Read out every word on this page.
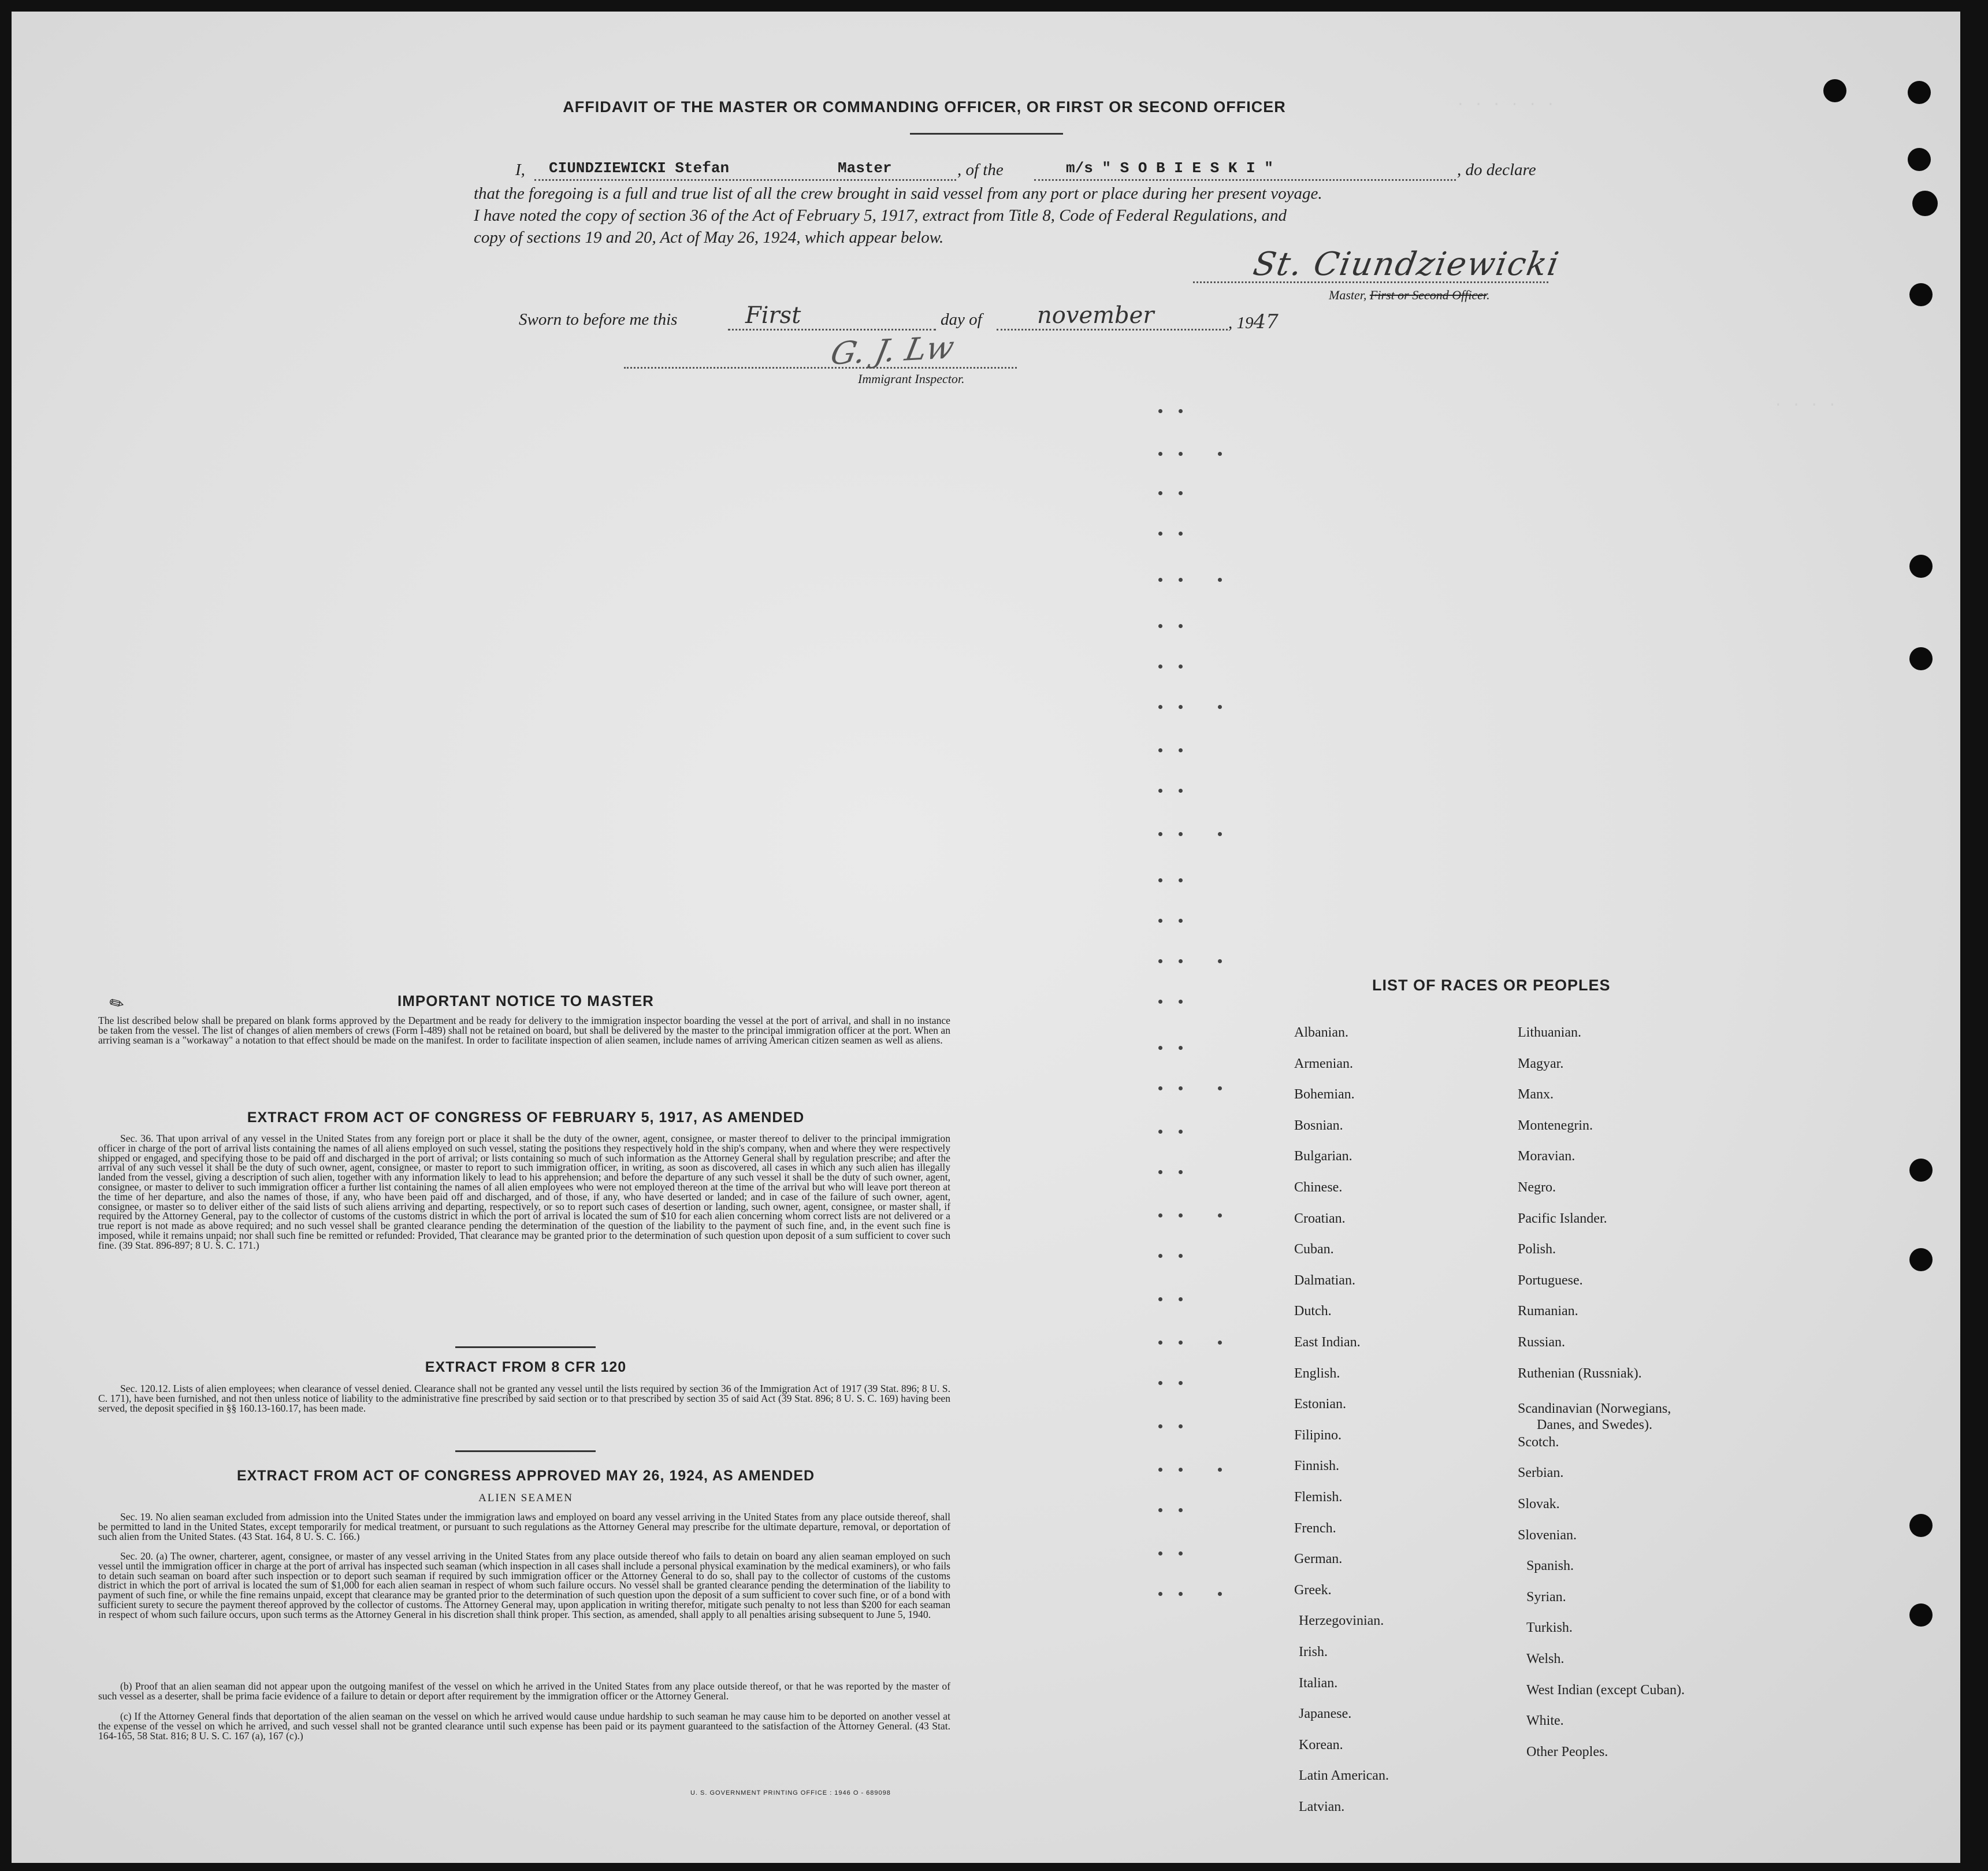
. . . . . .
. . . .
AFFIDAVIT OF THE MASTER OR COMMANDING OFFICER, OR FIRST OR SECOND OFFICER
I, CIUNDZIEWICKI Stefan	Master	, of the	m/s " S O B I E S K I "	, do declare
that the foregoing is a full and true list of all the crew brought in said vessel from any port or place during her present voyage.
I have noted the copy of section 36 of the Act of February 5, 1917, extract from Title 8, Code of Federal Regulations, and
copy of sections 19 and 20, Act of May 26, 1924, which appear below.
St. Ciundziewicki
Master, First or Second Officer.
Sworn to before me this	First	day of november	, 1947
G. J. Lw
Immigrant Inspector.
✎	IMPORTANT NOTICE TO MASTER
The list described below shall be prepared on blank forms approved by the Department and be ready for delivery to the immigration inspector boarding the vessel at the port of arrival, and shall in no instance be taken from the vessel. The list of changes of alien members of crews (Form I-489) shall not be retained on board, but shall be delivered by the master to the principal immigration officer at the port. When an arriving seaman is a "workaway" a notation to that effect should be made on the manifest. In order to facilitate inspection of alien seamen, include names of arriving American citizen seamen as well as aliens.
EXTRACT FROM ACT OF CONGRESS OF FEBRUARY 5, 1917, AS AMENDED
Sec. 36. That upon arrival of any vessel in the United States from any foreign port or place it shall be the duty of the owner, agent, consignee, or master thereof to deliver to the principal immigration officer in charge of the port of arrival lists containing the names of all aliens employed on such vessel, stating the positions they respectively hold in the ship's company, when and where they were respectively shipped or engaged, and specifying those to be paid off and discharged in the port of arrival; or lists containing so much of such information as the Attorney General shall by regulation prescribe; and after the arrival of any such vessel it shall be the duty of such owner, agent, consignee, or master to report to such immigration officer, in writing, as soon as discovered, all cases in which any such alien has illegally landed from the vessel, giving a description of such alien, together with any information likely to lead to his apprehension; and before the departure of any such vessel it shall be the duty of such owner, agent, consignee, or master to deliver to such immigration officer a further list containing the names of all alien employees who were not employed thereon at the time of the arrival but who will leave port thereon at the time of her departure, and also the names of those, if any, who have been paid off and discharged, and of those, if any, who have deserted or landed; and in case of the failure of such owner, agent, consignee, or master so to deliver either of the said lists of such aliens arriving and departing, respectively, or so to report such cases of desertion or landing, such owner, agent, consignee, or master shall, if required by the Attorney General, pay to the collector of customs of the customs district in which the port of arrival is located the sum of $10 for each alien concerning whom correct lists are not delivered or a true report is not made as above required; and no such vessel shall be granted clearance pending the determination of the question of the liability to the payment of such fine, and, in the event such fine is imposed, while it remains unpaid; nor shall such fine be remitted or refunded: Provided, That clearance may be granted prior to the determination of such question upon deposit of a sum sufficient to cover such fine. (39 Stat. 896-897; 8 U. S. C. 171.)
EXTRACT FROM 8 CFR 120
Sec. 120.12. Lists of alien employees; when clearance of vessel denied. Clearance shall not be granted any vessel until the lists required by section 36 of the Immigration Act of 1917 (39 Stat. 896; 8 U. S. C. 171), have been furnished, and not then unless notice of liability to the administrative fine prescribed by said section or to that prescribed by section 35 of said Act (39 Stat. 896; 8 U. S. C. 169) having been served, the deposit specified in §§ 160.13-160.17, has been made.
EXTRACT FROM ACT OF CONGRESS APPROVED MAY 26, 1924, AS AMENDED
ALIEN SEAMEN
Sec. 19. No alien seaman excluded from admission into the United States under the immigration laws and employed on board any vessel arriving in the United States from any place outside thereof, shall be permitted to land in the United States, except temporarily for medical treatment, or pursuant to such regulations as the Attorney General may prescribe for the ultimate departure, removal, or deportation of such alien from the United States. (43 Stat. 164, 8 U. S. C. 166.)
Sec. 20. (a) The owner, charterer, agent, consignee, or master of any vessel arriving in the United States from any place outside thereof who fails to detain on board any alien seaman employed on such vessel until the immigration officer in charge at the port of arrival has inspected such seaman (which inspection in all cases shall include a personal physical examination by the medical examiners), or who fails to detain such seaman on board after such inspection or to deport such seaman if required by such immigration officer or the Attorney General to do so, shall pay to the collector of customs of the customs district in which the port of arrival is located the sum of $1,000 for each alien seaman in respect of whom such failure occurs. No vessel shall be granted clearance pending the determination of the liability to payment of such fine, or while the fine remains unpaid, except that clearance may be granted prior to the determination of such question upon the deposit of a sum sufficient to cover such fine, or of a bond with sufficient surety to secure the payment thereof approved by the collector of customs. The Attorney General may, upon application in writing therefor, mitigate such penalty to not less than $200 for each seaman in respect of whom such failure occurs, upon such terms as the Attorney General in his discretion shall think proper. This section, as amended, shall apply to all penalties arising subsequent to June 5, 1940.
(b) Proof that an alien seaman did not appear upon the outgoing manifest of the vessel on which he arrived in the United States from any place outside thereof, or that he was reported by the master of such vessel as a deserter, shall be prima facie evidence of a failure to detain or deport after requirement by the immigration officer or the Attorney General.
(c) If the Attorney General finds that deportation of the alien seaman on the vessel on which he arrived would cause undue hardship to such seaman he may cause him to be deported on another vessel at the expense of the vessel on which he arrived, and such vessel shall not be granted clearance until such expense has been paid or its payment guaranteed to the satisfaction of the Attorney General. (43 Stat. 164-165, 58 Stat. 816; 8 U. S. C. 167 (a), 167 (c).)
U. S. GOVERNMENT PRINTING OFFICE : 1946 O - 689098
LIST OF RACES OR PEOPLES
Albanian.
Armenian.
Bohemian.
Bosnian.
Bulgarian.
Chinese.
Croatian.
Cuban.
Dalmatian.
Dutch.
East Indian.
English.
Estonian.
Filipino.
Finnish.
Flemish.
French.
German.
Greek.
Herzegovinian.
Irish.
Italian.
Japanese.
Korean.
Latin American.
Latvian.
Lithuanian.
Magyar.
Manx.
Montenegrin.
Moravian.
Negro.
Pacific Islander.
Polish.
Portuguese.
Rumanian.
Russian.
Ruthenian (Russniak).
Scandinavian (Norwegians,
Danes, and Swedes).
Scotch.
Serbian.
Slovak.
Slovenian.
Spanish.
Syrian.
Turkish.
Welsh.
West Indian (except Cuban).
White.
Other Peoples.
